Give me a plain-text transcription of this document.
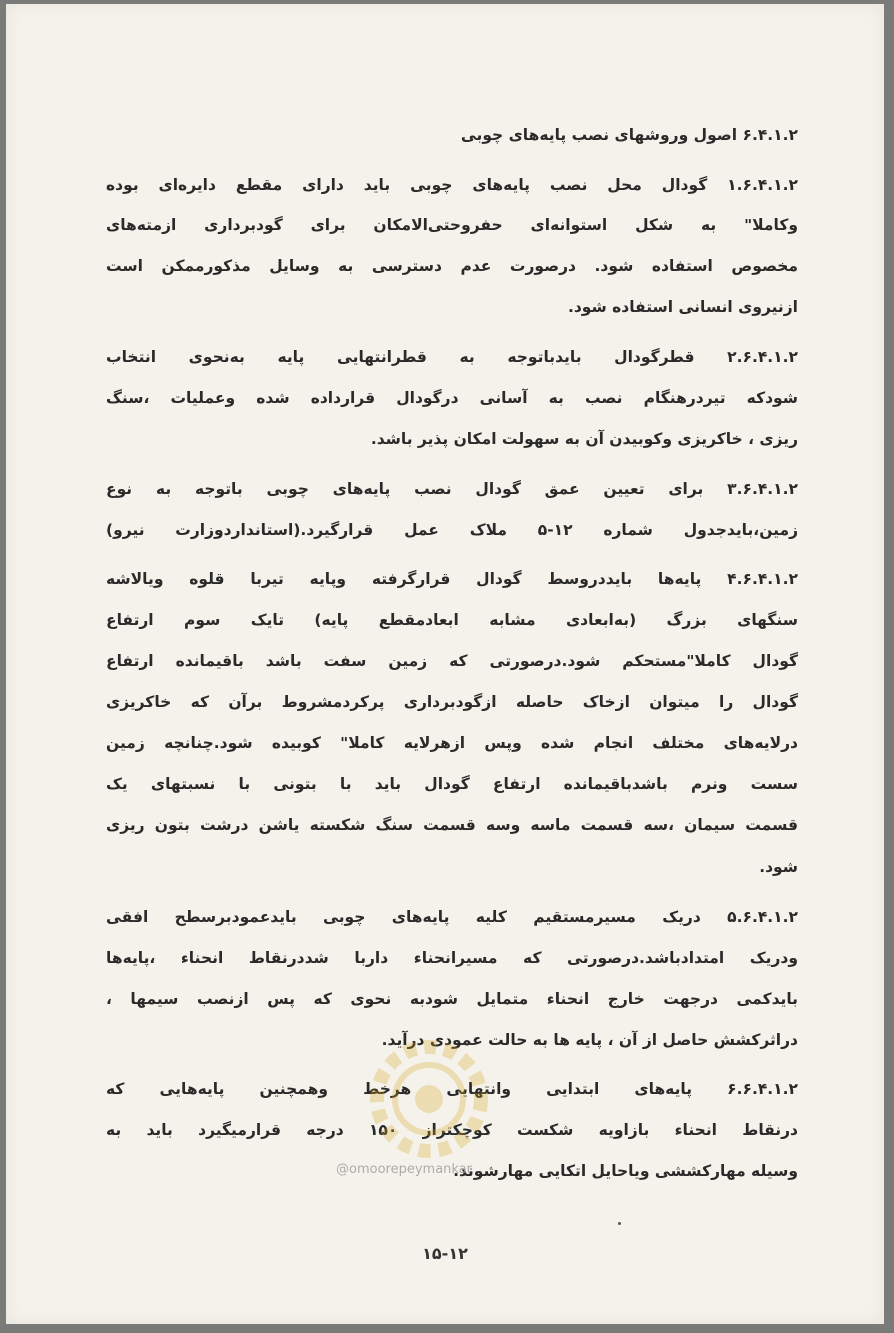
۶.۴.۱.۲ اصول وروشهای نصب پایه‌های چوبی
۱.۶.۴.۱.۲ گودال محل نصب پایه‌های چوبی باید دارای مقطع دایره‌ای بوده
وکاملا" به شکل استوانه‌ای حفروحتی‌الامکان برای گودبرداری ازمته‌های
مخصوص استفاده شود. درصورت عدم دسترسی به وسایل مذکورممکن است
ازنیروی انسانی استفاده شود.
۲.۶.۴.۱.۲ قطرگودال بایدباتوجه به قطرانتهایی پایه بەنحوی انتخاب
شودکه تیردرهنگام نصب به آسانی درگودال قرارداده شده وعملیات ،سنگ
ریزی ، خاکریزی وکوبیدن آن به سهولت امکان پذیر باشد.
۳.۶.۴.۱.۲ برای تعیین عمق گودال نصب پایه‌های چوبی باتوجه به نوع
زمین،بایدجدول شماره ۱۲-۵ ملاک عمل قرارگیرد.(استانداردوزارت نیرو)
۴.۶.۴.۱.۲ پایه‌ها بایددروسط گودال قرارگرفته وپایه تیربا قلوه ویالاشه
سنگهای بزرگ (بەابعادی مشابه ابعادمقطع پایه) تایک سوم ارتفاع
گودال کاملا"مستحکم شود.درصورتی که زمین سفت باشد باقیمانده ارتفاع
گودال را میتوان ازخاک حاصله ازگودبرداری پرکردمشروط برآن که خاکریزی
درلایه‌های مختلف انجام شده وپس ازهرلایه کاملا" کوبیده شود.چنانچه زمین
سست ونرم باشدباقیمانده ارتفاع گودال باید با بتونی با نسبتهای یک
قسمت سیمان ،سه قسمت ماسه وسه قسمت سنگ شکسته یاشن درشت بتون ریزی
شود.
۵.۶.۴.۱.۲ دریک مسیرمستقیم کلیه پایه‌های چوبی بایدعمودبرسطح افقی
ودریک امتدادباشد.درصورتی که مسیرانحناء داربا شددرنقاط انحناء ،پایه‌ها
بایدکمی درجهت خارج انحناء متمایل شودبه نحوی که پس ازنصب سیمها ،
دراثرکشش حاصل از آن ، پایه ها به حالت عمودی درآید.
۶.۶.۴.۱.۲ پایه‌های ابتدایی وانتهایی هرخط وهمچنین پایه‌هایی که
درنقاط انحناء بازاویه شکست کوچکتراز ۱۵۰ درجه قرارمیگیرد باید به
وسیله مهارکششی ویاحایل اتکایی مهارشوند.
@omoorepeymankar
۱۵-۱۲
